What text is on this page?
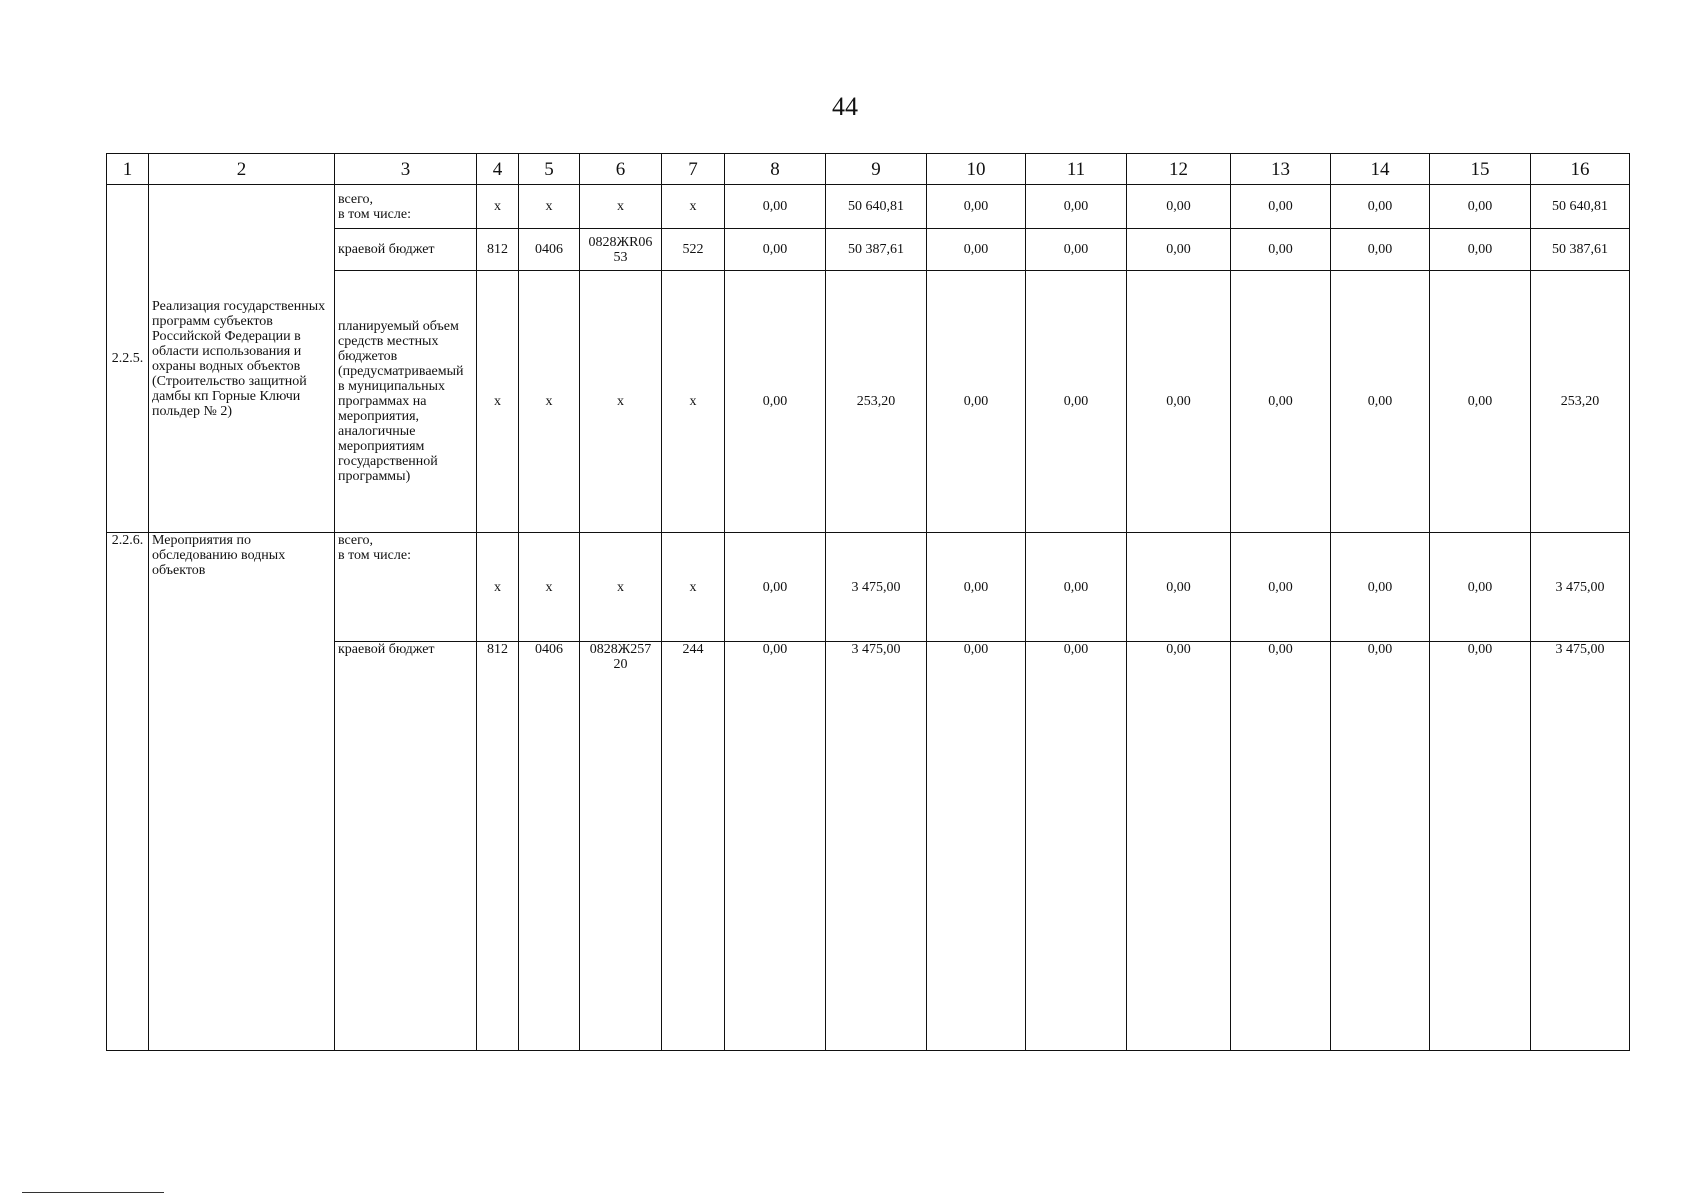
44
1	2	3	4	5	6	7	8	9	10	11	12	13	14	15	16
2.2.5.	Реализация государственных программ субъектов Российской Федерации в области использования и охраны водных объектов (Строительство защитной дамбы кп Горные Ключи польдер № 2)	всего,
в том числе:	x	x	x	x	0,00	50 640,81	0,00	0,00	0,00	0,00	0,00	0,00	50 640,81
		краевой бюджет	812	0406	0828ЖR06
53	522	0,00	50 387,61	0,00	0,00	0,00	0,00	0,00	0,00	50 387,61
		планируемый объем средств местных бюджетов (предусматриваемый в муниципальных программах на мероприятия, аналогичные мероприятиям государственной программы)	x	x	x	x	0,00	253,20	0,00	0,00	0,00	0,00	0,00	0,00	253,20
2.2.6.	Мероприятия по обследованию водных объектов	всего,
в том числе:	x	x	x	x	0,00	3 475,00	0,00	0,00	0,00	0,00	0,00	0,00	3 475,00
		краевой бюджет	812	0406	0828Ж257
20	244	0,00	3 475,00	0,00	0,00	0,00	0,00	0,00	0,00	3 475,00
